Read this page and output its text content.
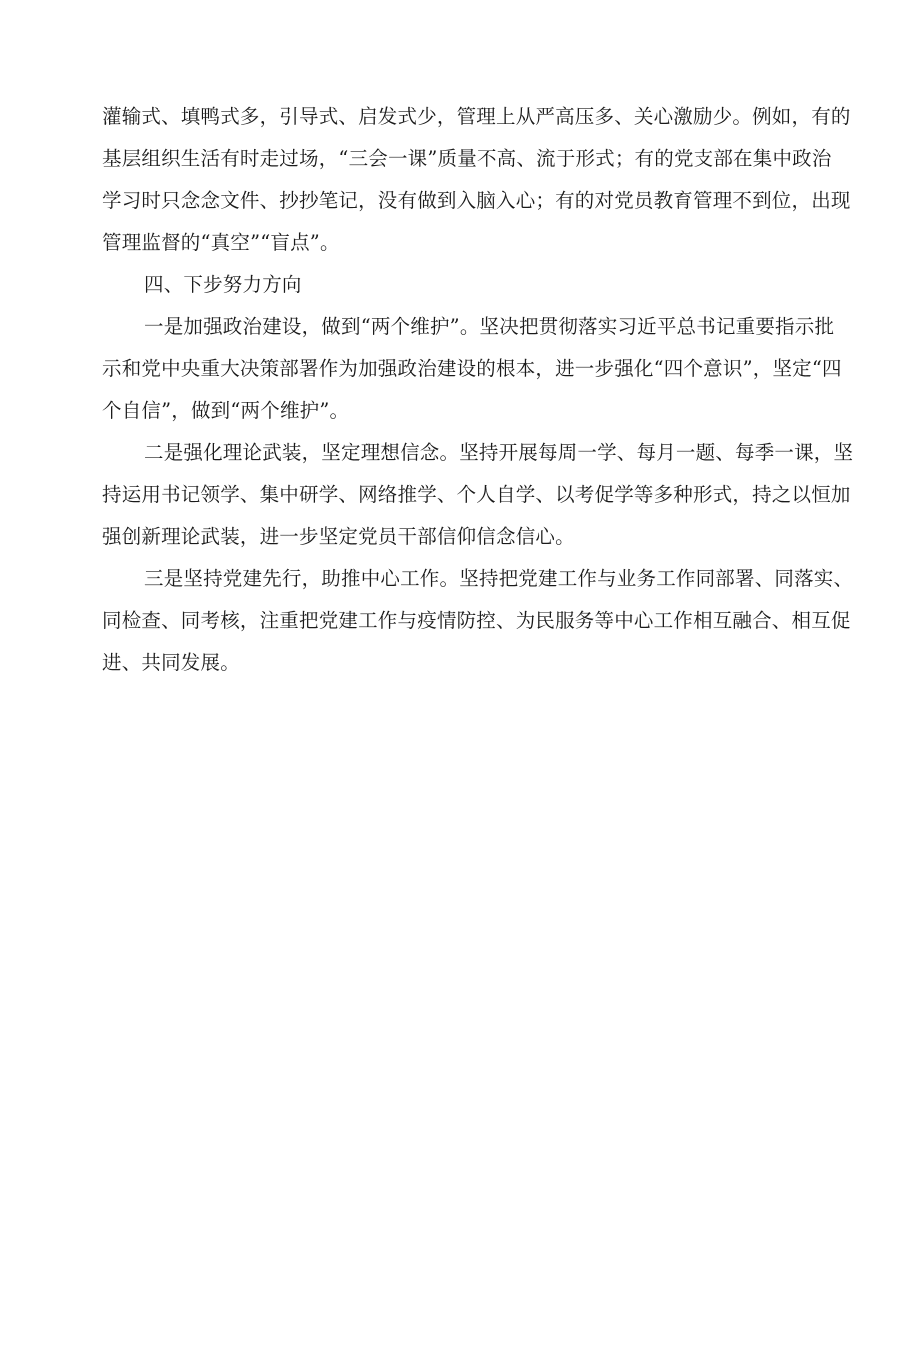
灌输式、填鸭式多，引导式、启发式少，管理上从严高压多、关心激励少。例如，有的
基层组织生活有时走过场，“三会一课”质量不高、流于形式；有的党支部在集中政治
学习时只念念文件、抄抄笔记，没有做到入脑入心；有的对党员教育管理不到位，出现
管理监督的“真空”“盲点”。
四、下步努力方向
一是加强政治建设，做到“两个维护”。坚决把贯彻落实习近平总书记重要指示批
示和党中央重大决策部署作为加强政治建设的根本，进一步强化“四个意识”，坚定“四
个自信”，做到“两个维护”。
二是强化理论武装，坚定理想信念。坚持开展每周一学、每月一题、每季一课，坚
持运用书记领学、集中研学、网络推学、个人自学、以考促学等多种形式，持之以恒加
强创新理论武装，进一步坚定党员干部信仰信念信心。
三是坚持党建先行，助推中心工作。坚持把党建工作与业务工作同部署、同落实、
同检查、同考核，注重把党建工作与疫情防控、为民服务等中心工作相互融合、相互促
进、共同发展。
